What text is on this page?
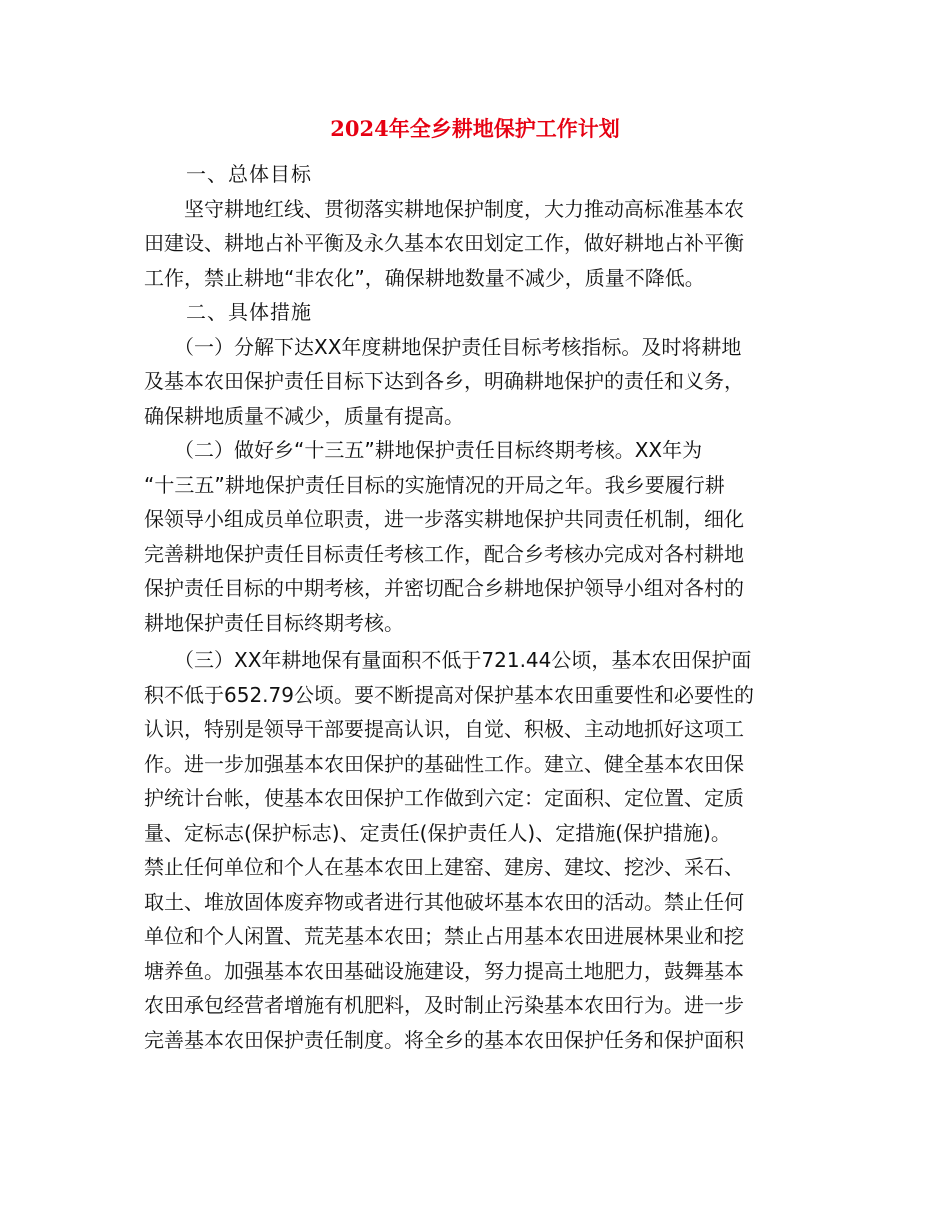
2024年全乡耕地保护工作计划
　　一、总体目标
　　坚守耕地红线、贯彻落实耕地保护制度，大力推动高标准基本农
田建设、耕地占补平衡及永久基本农田划定工作，做好耕地占补平衡
工作，禁止耕地“非农化”，确保耕地数量不减少，质量不降低。
　　二、具体措施
　　（一）分解下达XX年度耕地保护责任目标考核指标。及时将耕地
及基本农田保护责任目标下达到各乡，明确耕地保护的责任和义务，
确保耕地质量不减少，质量有提高。
　　（二）做好乡“十三五”耕地保护责任目标终期考核。XX年为
“十三五”耕地保护责任目标的实施情况的开局之年。我乡要履行耕
保领导小组成员单位职责，进一步落实耕地保护共同责任机制，细化
完善耕地保护责任目标责任考核工作，配合乡考核办完成对各村耕地
保护责任目标的中期考核，并密切配合乡耕地保护领导小组对各村的
耕地保护责任目标终期考核。
　　（三）XX年耕地保有量面积不低于721.44公顷，基本农田保护面
积不低于652.79公顷。要不断提高对保护基本农田重要性和必要性的
认识，特别是领导干部要提高认识，自觉、积极、主动地抓好这项工
作。进一步加强基本农田保护的基础性工作。建立、健全基本农田保
护统计台帐，使基本农田保护工作做到六定：定面积、定位置、定质
量、定标志(保护标志)、定责任(保护责任人)、定措施(保护措施)。
禁止任何单位和个人在基本农田上建窑、建房、建坟、挖沙、采石、
取土、堆放固体废弃物或者进行其他破坏基本农田的活动。禁止任何
单位和个人闲置、荒芜基本农田；禁止占用基本农田进展林果业和挖
塘养鱼。加强基本农田基础设施建设，努力提高土地肥力，鼓舞基本
农田承包经营者增施有机肥料，及时制止污染基本农田行为。进一步
完善基本农田保护责任制度。将全乡的基本农田保护任务和保护面积
